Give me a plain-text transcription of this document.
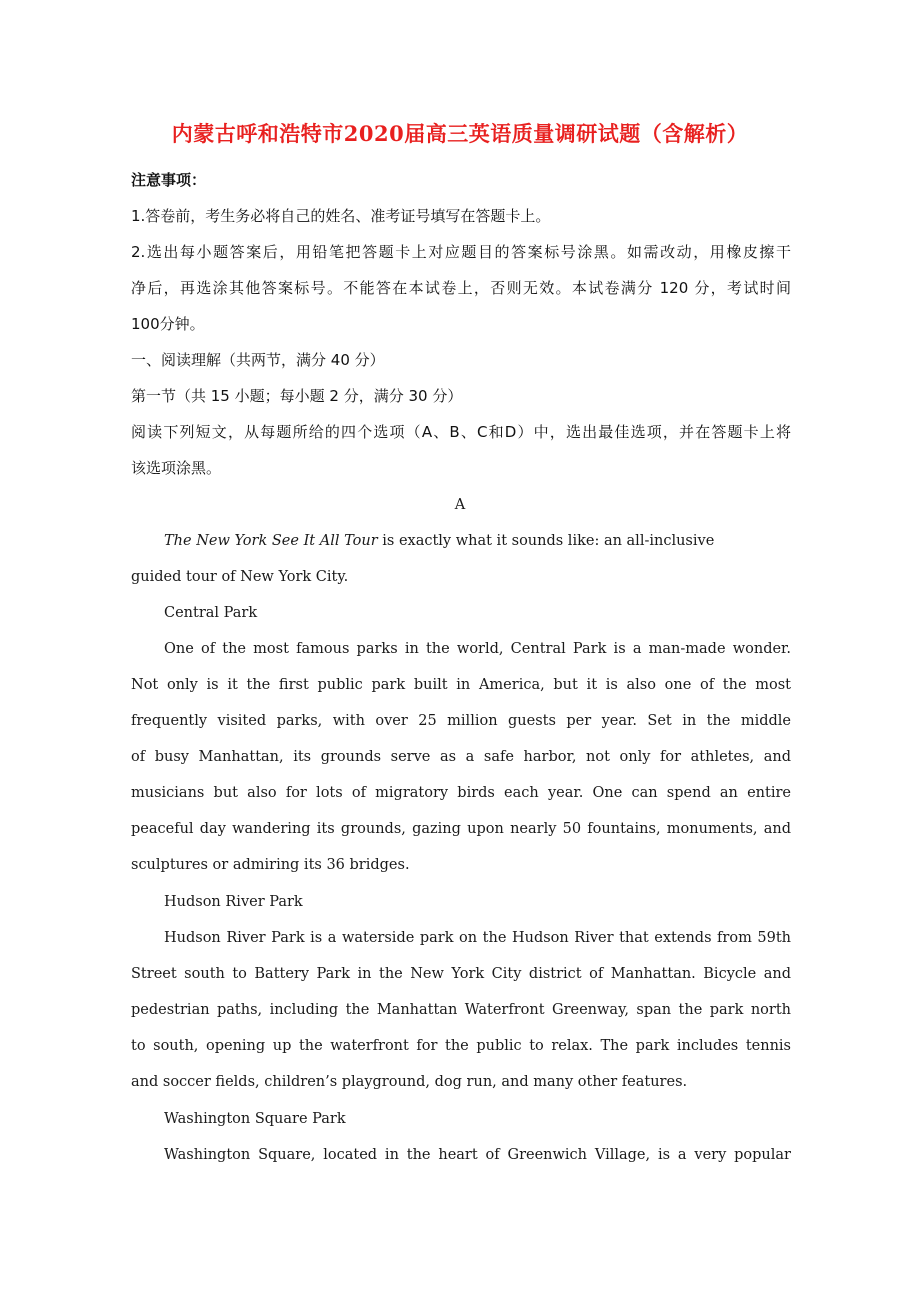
内蒙古呼和浩特市2020届高三英语质量调研试题（含解析）
注意事项：
1.答卷前，考生务必将自己的姓名、准考证号填写在答题卡上。
2.选出每小题答案后，用铅笔把答题卡上对应题目的答案标号涂黑。如需改动，用橡皮擦干
净后，再选涂其他答案标号。不能答在本试卷上，否则无效。本试卷满分 120 分，考试时间
100分钟。
一、阅读理解（共两节，满分 40 分）
第一节（共 15 小题；每小题 2 分，满分 30 分）
阅读下列短文，从每题所给的四个选项（A、B、C和D）中，选出最佳选项，并在答题卡上将
该选项涂黑。
A
The New York See It All Tour is exactly what it sounds like: an all-inclusive
guided tour of New York City.
Central Park
One of the most famous parks in the world, Central Park is a man-made wonder.
Not only is it the first public park built in America, but it is also one of the most
frequently visited parks, with over 25 million guests per year. Set in the middle
of busy Manhattan, its grounds serve as a safe harbor, not only for athletes, and
musicians but also for lots of migratory birds each year. One can spend an entire
peaceful day wandering its grounds, gazing upon nearly 50 fountains, monuments, and
sculptures or admiring its 36 bridges.
Hudson River Park
Hudson River Park is a waterside park on the Hudson River that extends from 59th
Street south to Battery Park in the New York City district of Manhattan. Bicycle and
pedestrian paths, including the Manhattan Waterfront Greenway, span the park north
to south, opening up the waterfront for the public to relax. The park includes tennis
and soccer fields, children’s playground, dog run, and many other features.
Washington Square Park
Washington Square, located in the heart of Greenwich Village, is a very popular
